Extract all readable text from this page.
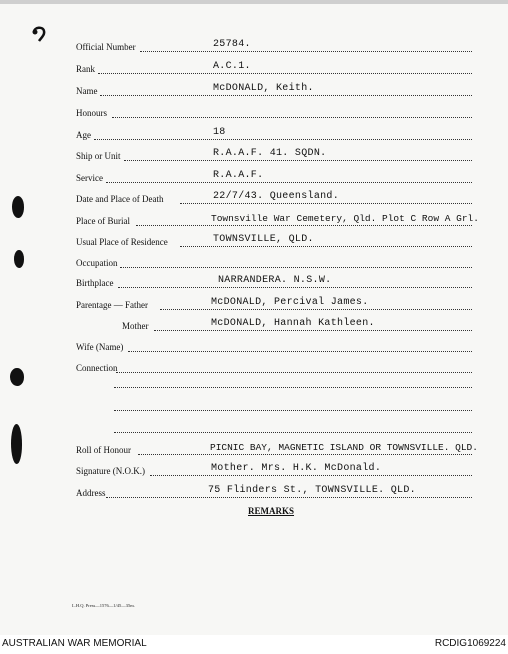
Official Number	25784.
Rank	A.C.1.
Name	McDONALD, Keith.
Honours
Age	18
Ship or Unit	R.A.A.F. 41. SQDN.
Service	R.A.A.F.
Date and Place of Death	22/7/43. Queensland.
Place of Burial	Townsville War Cemetery, Qld. Plot C Row A Grl.
Usual Place of Residence	TOWNSVILLE, QLD.
Occupation
Birthplace	NARRANDERA. N.S.W.
Parentage — Father	McDONALD, Percival James.
Mother	McDONALD, Hannah Kathleen.
Wife (Name)
Connection
Roll of Honour	PICNIC BAY, MAGNETIC ISLAND OR TOWNSVILLE. QLD.
Signature (N.O.K.)	Mother. Mrs. H.K. McDonald.
Address	75 Flinders St., TOWNSVILLE. QLD.
REMARKS
L.H.Q. Press—1576—1/45—35m.
AUSTRALIAN WAR MEMORIAL	RCDIG1069224
